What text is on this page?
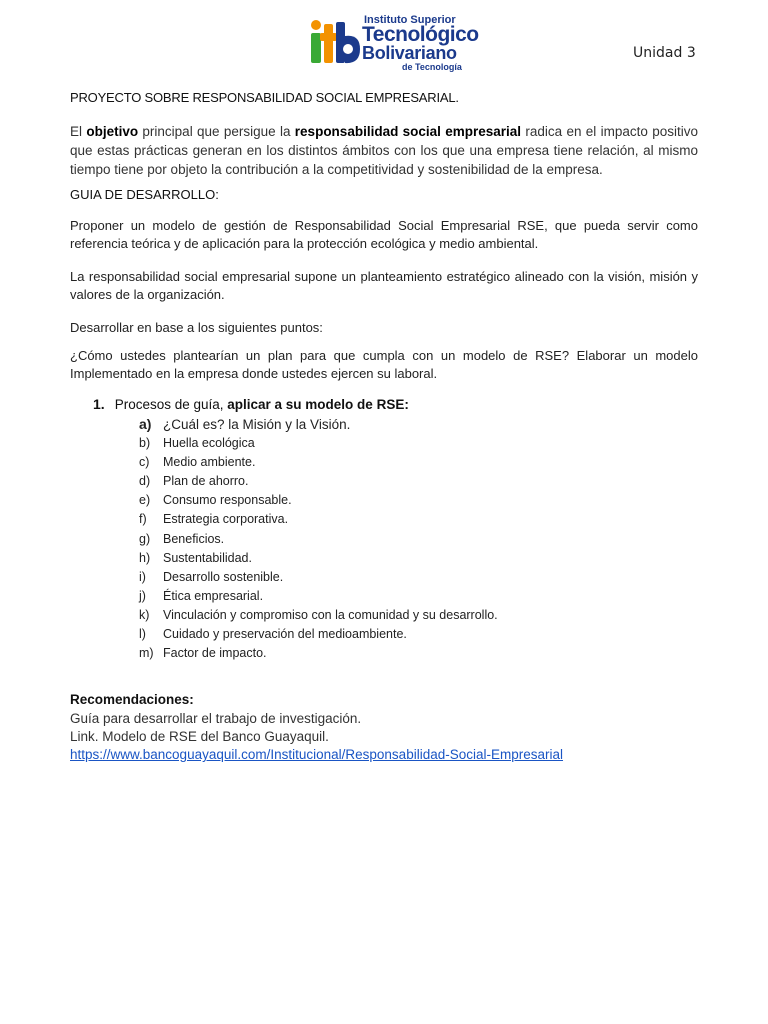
Instituto Superior
Tecnológico
Bolivariano
de Tecnología
Unidad 3
PROYECTO SOBRE RESPONSABILIDAD SOCIAL EMPRESARIAL.
El objetivo principal que persigue la responsabilidad social empresarial radica en el impacto positivo que estas prácticas generan en los distintos ámbitos con los que una empresa tiene relación, al mismo tiempo tiene por objeto la contribución a la competitividad y sostenibilidad de la empresa.
GUIA DE DESARROLLO:
Proponer un modelo de gestión de Responsabilidad Social Empresarial RSE, que pueda servir como referencia teórica y de aplicación para la protección ecológica y medio ambiental.
La responsabilidad social empresarial supone un planteamiento estratégico alineado con la visión, misión y valores de la organización.
Desarrollar en base a los siguientes puntos:
¿Cómo ustedes plantearían un plan para que cumpla con un modelo de RSE? Elaborar un modelo Implementado en la empresa donde ustedes ejercen su laboral.
1. Procesos de guía, aplicar a su modelo de RSE:
a) ¿Cuál es? la Misión y la Visión.
b) Huella ecológica
c) Medio ambiente.
d) Plan de ahorro.
e) Consumo responsable.
f) Estrategia corporativa.
g) Beneficios.
h) Sustentabilidad.
i) Desarrollo sostenible.
j) Ética empresarial.
k) Vinculación y compromiso con la comunidad y su desarrollo.
l) Cuidado y preservación del medioambiente.
m) Factor de impacto.
Recomendaciones:
Guía para desarrollar el trabajo de investigación.
Link. Modelo de RSE del Banco Guayaquil.
https://www.bancoguayaquil.com/Institucional/Responsabilidad-Social-Empresarial
